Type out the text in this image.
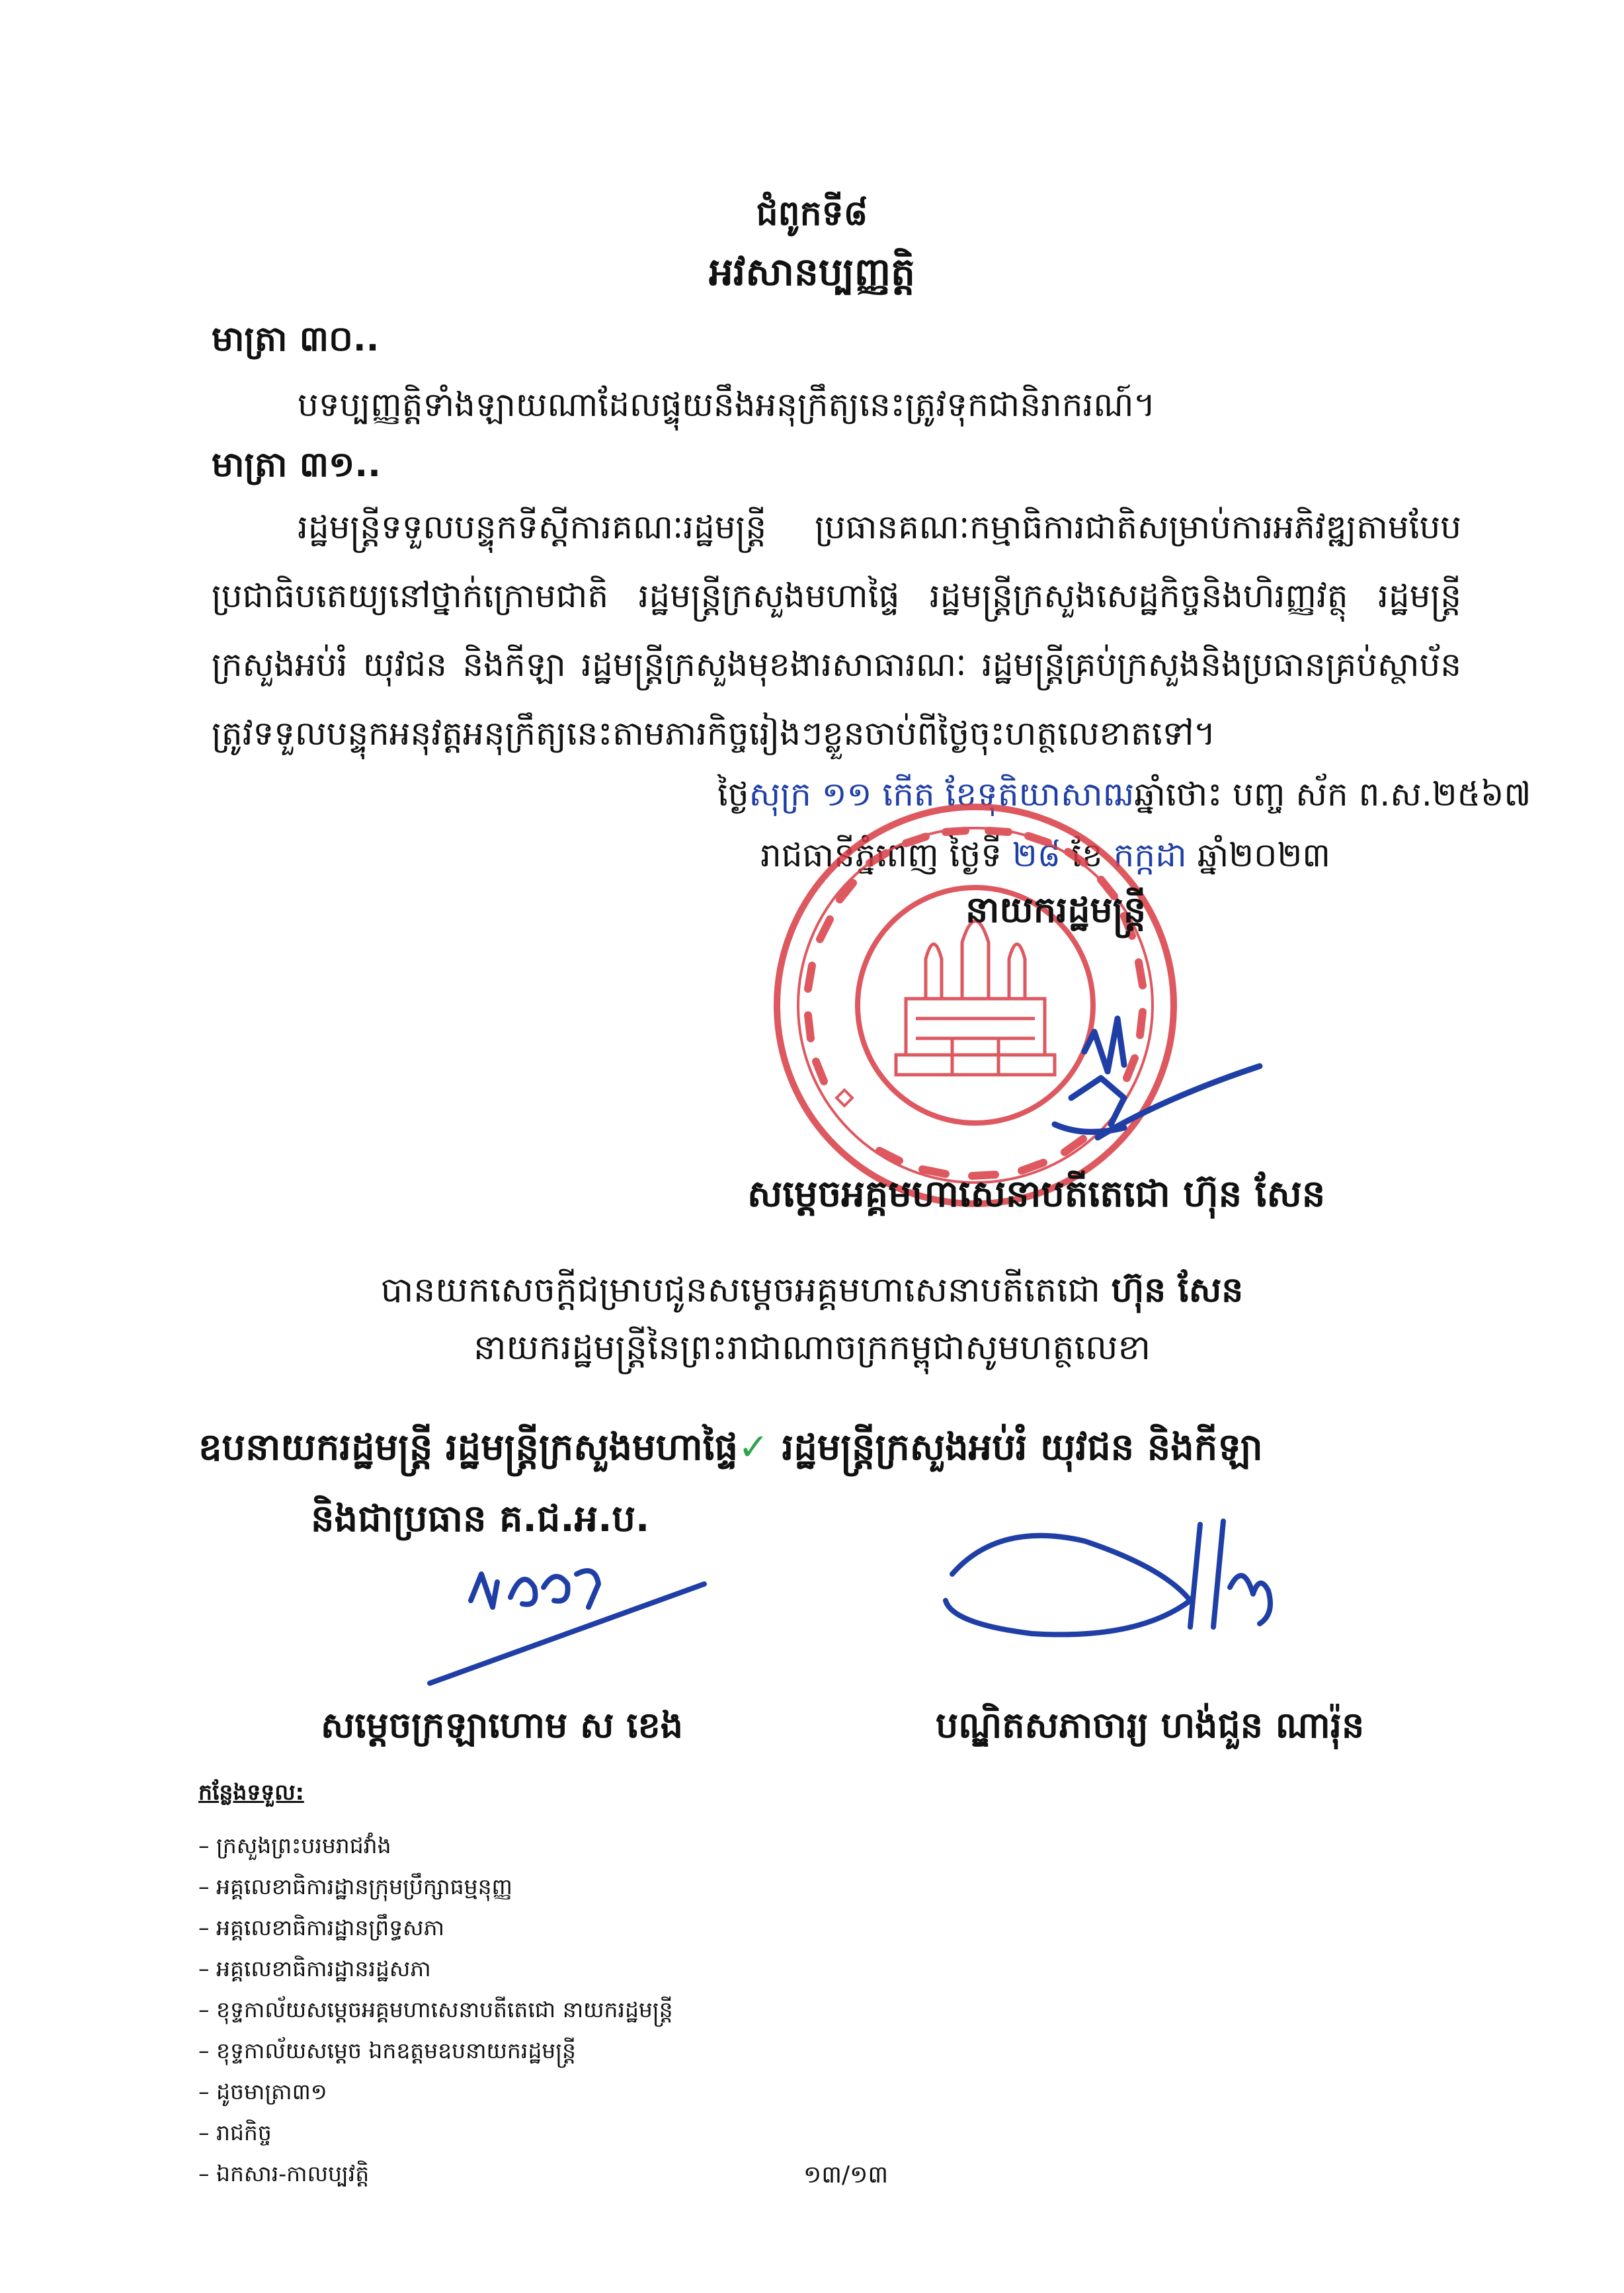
ជំពូកទី៨
អវសានប្បញ្ញត្តិ
មាត្រា ៣០..
បទប្បញ្ញត្តិទាំងឡាយណាដែលផ្ទុយនឹងអនុក្រឹត្យនេះត្រូវទុកជានិរាករណ៍។
មាត្រា ៣១..
រដ្ឋមន្ត្រីទទួលបន្ទុកទីស្តីការគណៈរដ្ឋមន្ត្រី ប្រធានគណៈកម្មាធិការជាតិសម្រាប់ការអភិវឌ្ឍតាមបែបប្រជាធិបតេយ្យនៅថ្នាក់ក្រោមជាតិ រដ្ឋមន្ត្រីក្រសួងមហាផ្ទៃ រដ្ឋមន្ត្រីក្រសួងសេដ្ឋកិច្ចនិងហិរញ្ញវត្ថុ រដ្ឋមន្ត្រីក្រសួងអប់រំ យុវជន និងកីឡា រដ្ឋមន្ត្រីក្រសួងមុខងារសាធារណៈ រដ្ឋមន្ត្រីគ្រប់ក្រសួងនិងប្រធានគ្រប់ស្ថាប័ន ត្រូវទទួលបន្ទុកអនុវត្តអនុក្រឹត្យនេះតាមភារកិច្ចរៀងៗខ្លួនចាប់ពីថ្ងៃចុះហត្ថលេខាតទៅ។
ថ្ងៃសុក្រ ១១ កើត ខែទុតិយាសាឍឆ្នាំថោះ បញ្ច ស័ក ព.ស.២៥៦៧
រាជធានីភ្នំពេញ ថ្ងៃទី ២៨ ខែ កក្កដា ឆ្នាំ២០២៣
នាយករដ្ឋមន្ត្រី
សម្តេចអគ្គមហាសេនាបតីតេជោ ហ៊ុន សែន
បានយកសេចក្តីជម្រាបជូនសម្តេចអគ្គមហាសេនាបតីតេជោ ហ៊ុន សែន
នាយករដ្ឋមន្ត្រីនៃព្រះរាជាណាចក្រកម្ពុជាសូមហត្ថលេខា
ឧបនាយករដ្ឋមន្ត្រី រដ្ឋមន្ត្រីក្រសួងមហាផ្ទៃ✓ រដ្ឋមន្ត្រីក្រសួងអប់រំ យុវជន និងកីឡា
និងជាប្រធាន គ.ជ.អ.ប.
សម្តេចក្រឡាហោម ស ខេង	បណ្ឌិតសភាចារ្យ ហង់ជួន ណារ៉ុន
កន្លែងទទួល:
– ក្រសួងព្រះបរមរាជវាំង
– អគ្គលេខាធិការដ្ឋានក្រុមប្រឹក្សាធម្មនុញ្ញ
– អគ្គលេខាធិការដ្ឋានព្រឹទ្ធសភា
– អគ្គលេខាធិការដ្ឋានរដ្ឋសភា
– ខុទ្ទកាល័យសម្តេចអគ្គមហាសេនាបតីតេជោ នាយករដ្ឋមន្ត្រី
– ខុទ្ទកាល័យសម្តេច ឯកឧត្តមឧបនាយករដ្ឋមន្ត្រី
– ដូចមាត្រា៣១
– រាជកិច្ច
– ឯកសារ-កាលប្បវត្តិ	១៣/១៣
